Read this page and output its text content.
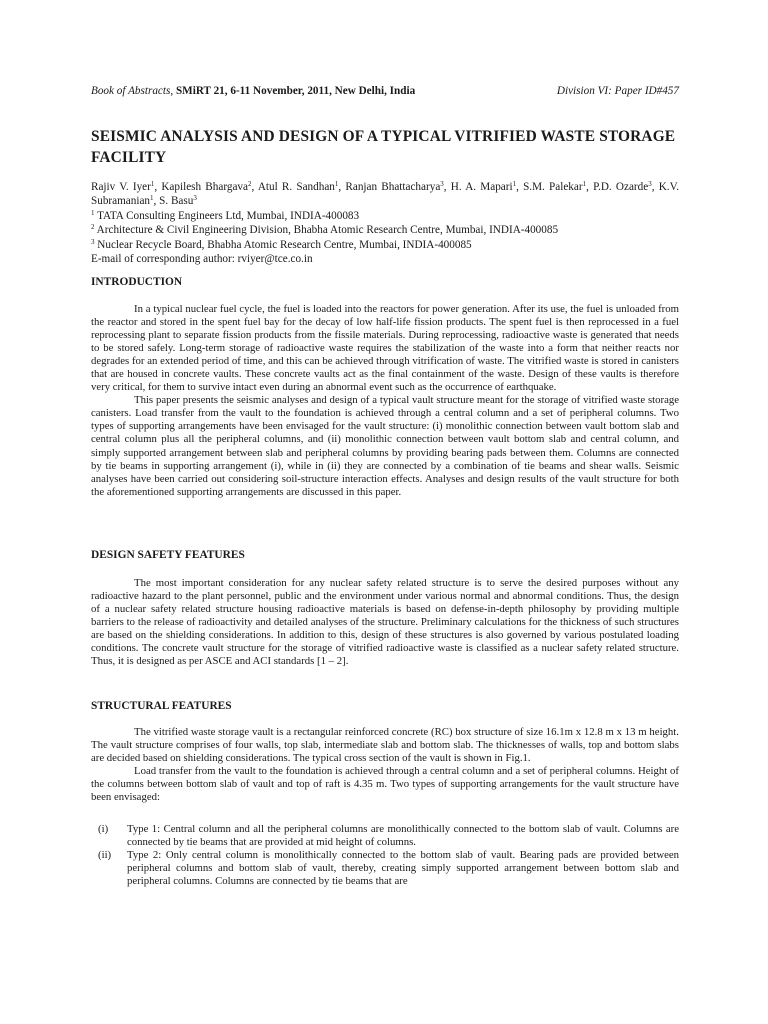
Book of Abstracts, SMiRT 21, 6-11 November, 2011, New Delhi, India	Division VI: Paper ID#457
SEISMIC ANALYSIS AND DESIGN OF A TYPICAL VITRIFIED WASTE STORAGE FACILITY
Rajiv V. Iyer$^1$, Kapilesh Bhargava$^2$, Atul R. Sandhan$^1$, Ranjan Bhattacharya$^3$, H. A. Mapari$^1$, S.M. Palekar$^1$, P.D. Ozarde$^3$, K.V. Subramanian$^1$, S. Basu$^3$
$^1$ TATA Consulting Engineers Ltd, Mumbai, INDIA-400083
$^2$ Architecture & Civil Engineering Division, Bhabha Atomic Research Centre, Mumbai, INDIA-400085
$^3$ Nuclear Recycle Board, Bhabha Atomic Research Centre, Mumbai, INDIA-400085
E-mail of corresponding author: rviyer@tce.co.in
INTRODUCTION

In a typical nuclear fuel cycle, the fuel is loaded into the reactors for power generation. After its use, the fuel is unloaded from the reactor and stored in the spent fuel bay for the decay of low half-life fission products. The spent fuel is then reprocessed in a fuel reprocessing plant to separate fission products from the fissile materials. During reprocessing, radioactive waste is generated that needs to be stored safely. Long-term storage of radioactive waste requires the stabilization of the waste into a form that neither reacts nor degrades for an extended period of time, and this can be achieved through vitrification of waste. The vitrified waste is stored in canisters that are housed in concrete vaults. These concrete vaults act as the final containment of the waste. Design of these vaults is therefore very critical, for them to survive intact even during an abnormal event such as the occurrence of earthquake.

This paper presents the seismic analyses and design of a typical vault structure meant for the storage of vitrified waste storage canisters. Load transfer from the vault to the foundation is achieved through a central column and a set of peripheral columns. Two types of supporting arrangements have been envisaged for the vault structure: (i) monolithic connection between vault bottom slab and central column plus all the peripheral columns, and (ii) monolithic connection between vault bottom slab and central column, and simply supported arrangement between slab and peripheral columns by providing bearing pads between them. Columns are connected by tie beams in supporting arrangement (i), while in (ii) they are connected by a combination of tie beams and shear walls. Seismic analyses have been carried out considering soil-structure interaction effects. Analyses and design results of the vault structure for both the aforementioned supporting arrangements are discussed in this paper.

DESIGN SAFETY FEATURES

The most important consideration for any nuclear safety related structure is to serve the desired purposes without any radioactive hazard to the plant personnel, public and the environment under various normal and abnormal conditions. Thus, the design of a nuclear safety related structure housing radioactive materials is based on defense-in-depth philosophy by providing multiple barriers to the release of radioactivity and detailed analyses of the structure. Preliminary calculations for the thickness of such structures are based on the shielding considerations. In addition to this, design of these structures is also governed by various postulated loading conditions. The concrete vault structure for the storage of vitrified radioactive waste is classified as a nuclear safety related structure. Thus, it is designed as per ASCE and ACI standards [1 – 2].

STRUCTURAL FEATURES

The vitrified waste storage vault is a rectangular reinforced concrete (RC) box structure of size 16.1m x 12.8 m x 13 m height. The vault structure comprises of four walls, top slab, intermediate slab and bottom slab. The thicknesses of walls, top and bottom slabs are decided based on shielding considerations. The typical cross section of the vault is shown in Fig.1.

Load transfer from the vault to the foundation is achieved through a central column and a set of peripheral columns. Height of the columns between bottom slab of vault and top of raft is 4.35 m. Two types of supporting arrangements for the vault structure have been envisaged:

(i) Type 1: Central column and all the peripheral columns are monolithically connected to the bottom slab of vault. Columns are connected by tie beams that are provided at mid height of columns.
(ii) Type 2: Only central column is monolithically connected to the bottom slab of vault. Bearing pads are provided between peripheral columns and bottom slab of vault, thereby, creating simply supported arrangement between bottom slab and peripheral columns. Columns are connected by tie beams that are
